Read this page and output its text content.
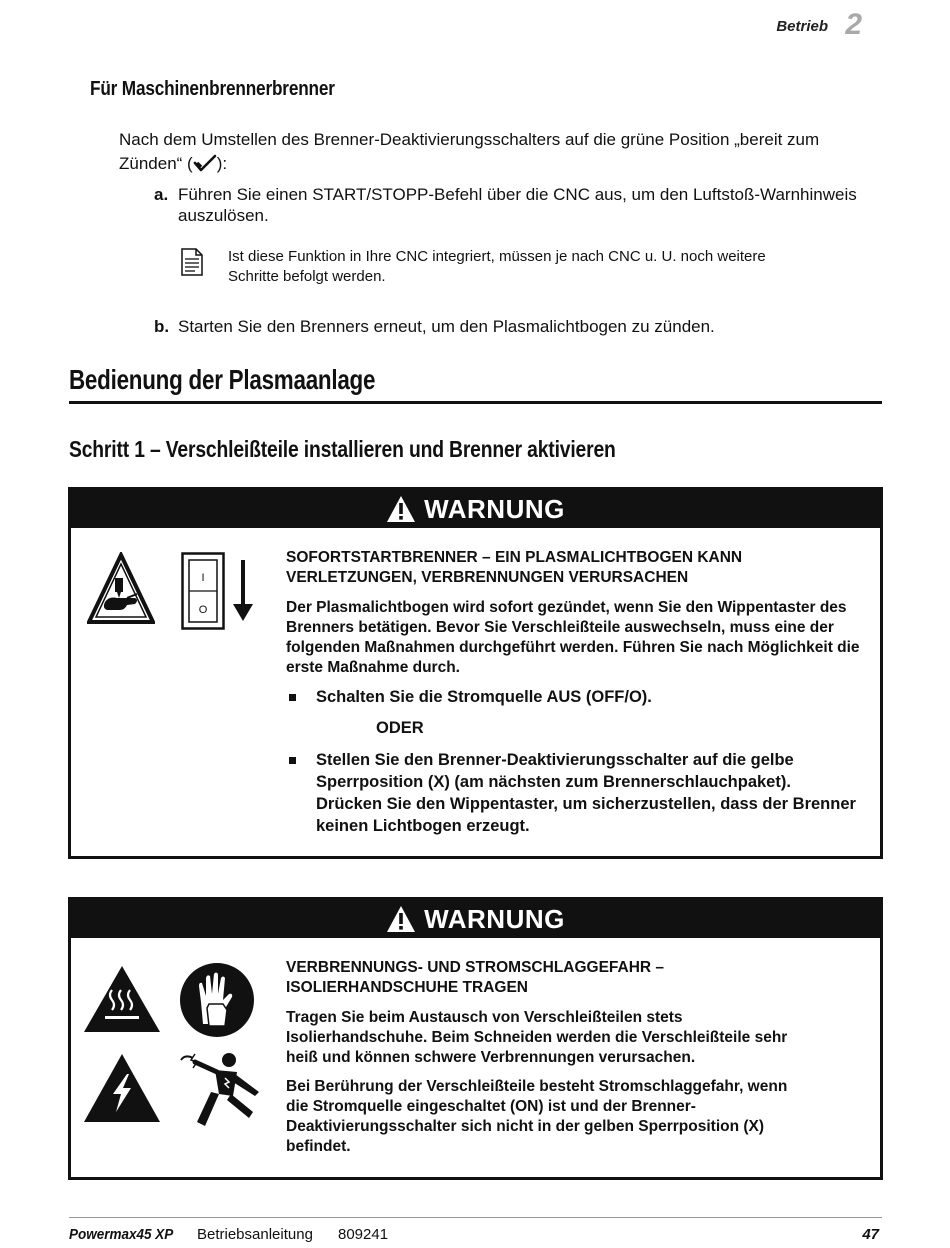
Betrieb 2
Für Maschinenbrennerbrenner
Nach dem Umstellen des Brenner-Deaktivierungsschalters auf die grüne Position „bereit zum Zünden“ ( ):
a. Führen Sie einen START/STOPP-Befehl über die CNC aus, um den Luftstoß-Warnhinweis auszulösen.
Ist diese Funktion in Ihre CNC integriert, müssen je nach CNC u. U. noch weitere Schritte befolgt werden.
b. Starten Sie den Brenners erneut, um den Plasmalichtbogen zu zünden.
Bedienung der Plasmaanlage
Schritt 1 – Verschleißteile installieren und Brenner aktivieren
WARNUNG
I
O
SOFORTSTARTBRENNER – EIN PLASMALICHTBOGEN KANN VERLETZUNGEN, VERBRENNUNGEN VERURSACHEN
Der Plasmalichtbogen wird sofort gezündet, wenn Sie den Wippentaster des Brenners betätigen. Bevor Sie Verschleißteile auswechseln, muss eine der folgenden Maßnahmen durchgeführt werden. Führen Sie nach Möglichkeit die erste Maßnahme durch.
Schalten Sie die Stromquelle AUS (OFF/O).
ODER
Stellen Sie den Brenner-Deaktivierungsschalter auf die gelbe Sperrposition (X) (am nächsten zum Brennerschlauchpaket). Drücken Sie den Wippentaster, um sicherzustellen, dass der Brenner keinen Lichtbogen erzeugt.
WARNUNG
VERBRENNUNGS- UND STROMSCHLAGGEFAHR – ISOLIERHANDSCHUHE TRAGEN
Tragen Sie beim Austausch von Verschleißteilen stets Isolierhandschuhe. Beim Schneiden werden die Verschleißteile sehr heiß und können schwere Verbrennungen verursachen.
Bei Berührung der Verschleißteile besteht Stromschlaggefahr, wenn die Stromquelle eingeschaltet (ON) ist und der Brenner-Deaktivierungsschalter sich nicht in der gelben Sperrposition (X) befindet.
Powermax45 XP Betriebsanleitung 809241	47
